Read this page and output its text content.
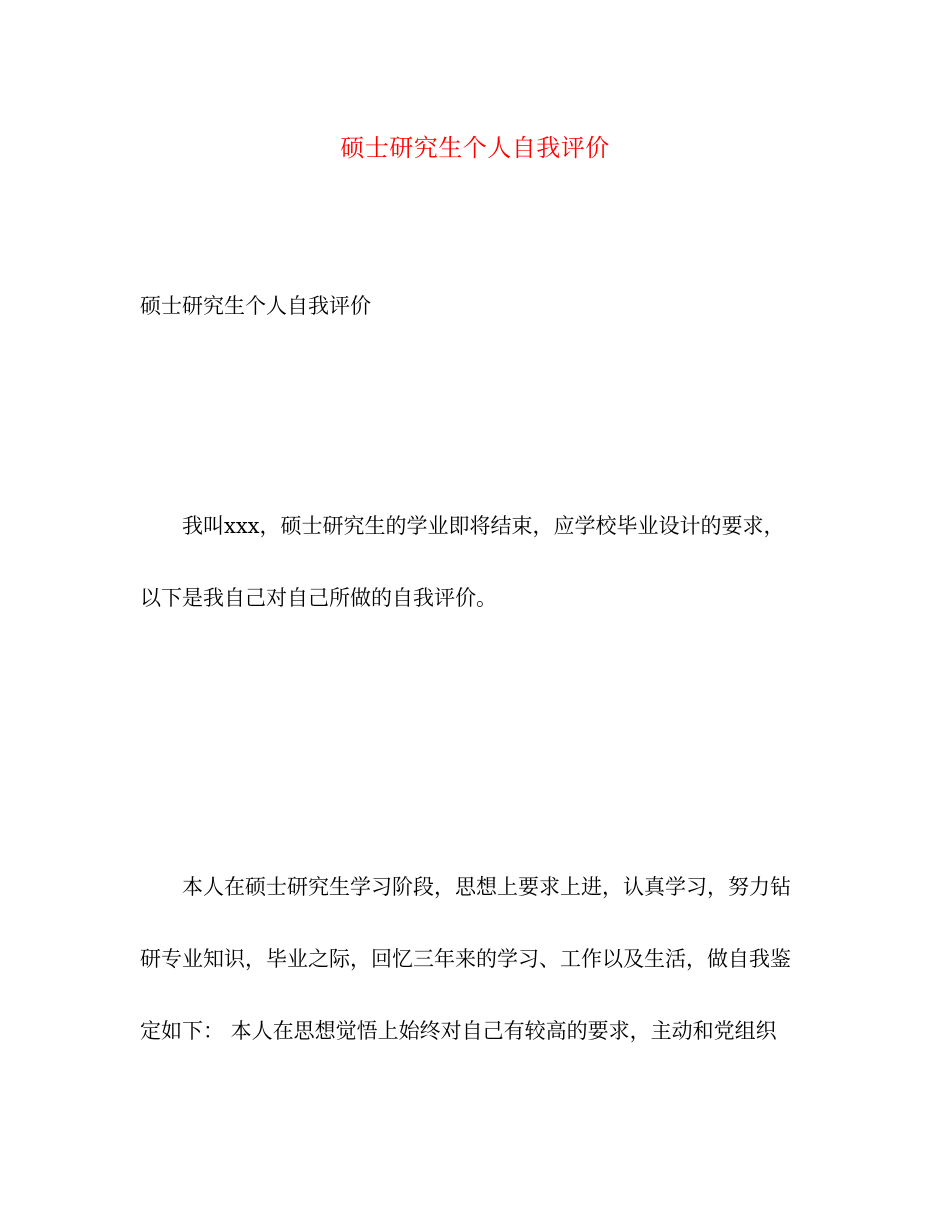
硕士研究生个人自我评价
硕士研究生个人自我评价
我叫xxx，硕士研究生的学业即将结束，应学校毕业设计的要求，
以下是我自己对自己所做的自我评价。
本人在硕士研究生学习阶段，思想上要求上进，认真学习，努力钻
研专业知识，毕业之际，回忆三年来的学习、工作以及生活，做自我鉴
定如下： 本人在思想觉悟上始终对自己有较高的要求，主动和党组织
